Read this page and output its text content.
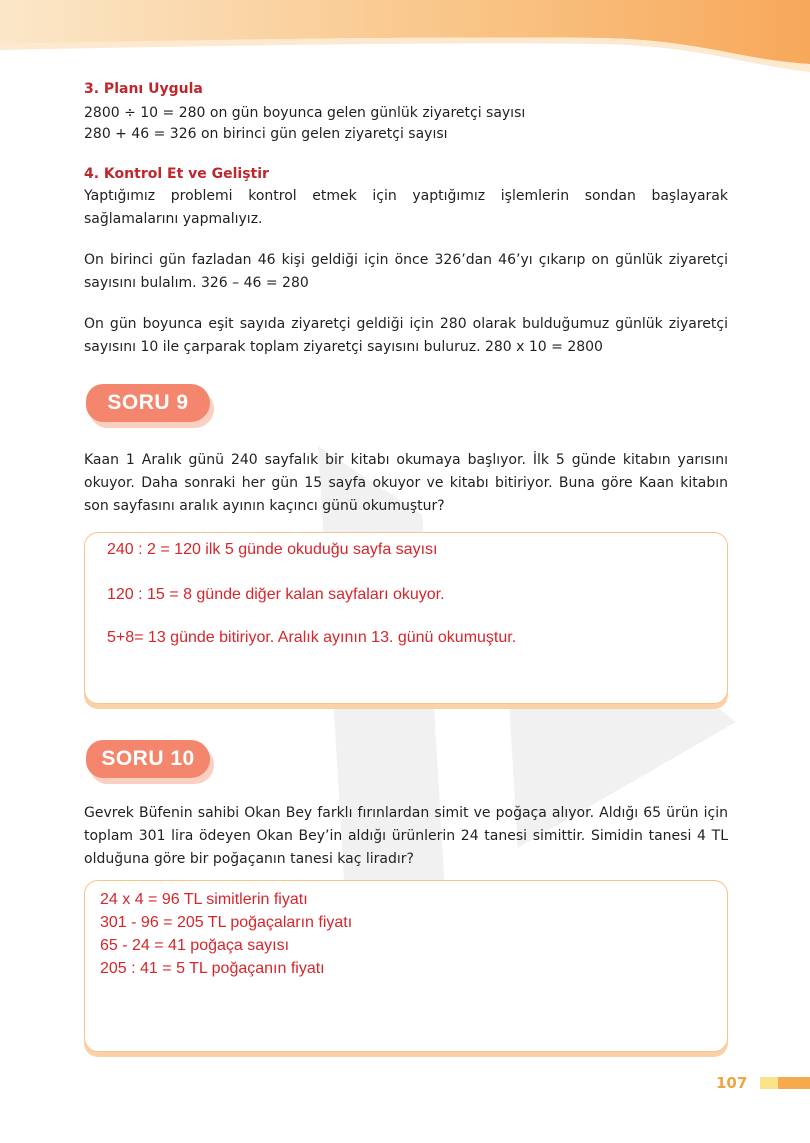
3. Planı Uygula
2800 ÷ 10 = 280 on gün boyunca gelen günlük ziyaretçi sayısı
280 + 46 = 326 on birinci gün gelen ziyaretçi sayısı
4. Kontrol Et ve Geliştir
Yaptığımız problemi kontrol etmek için yaptığımız işlemlerin sondan başlayarak sağlamalarını yapmalıyız.
On birinci gün fazladan 46 kişi geldiği için önce 326’dan 46’yı çıkarıp on günlük ziyaretçi sayısını bulalım. 326 – 46 = 280
On gün boyunca eşit sayıda ziyaretçi geldiği için 280 olarak bulduğumuz günlük ziyaretçi sayısını 10 ile çarparak toplam ziyaretçi sayısını buluruz. 280 x 10 = 2800
SORU 9
Kaan 1 Aralık günü 240 sayfalık bir kitabı okumaya başlıyor. İlk 5 günde kitabın yarısını okuyor. Daha sonraki her gün 15 sayfa okuyor ve kitabı bitiriyor. Buna göre Kaan kitabın son sayfasını aralık ayının kaçıncı günü okumuştur?
240 : 2 = 120 ilk 5 günde okuduğu sayfa sayısı
120 : 15 = 8 günde diğer kalan sayfaları okuyor.
5+8= 13 günde bitiriyor. Aralık ayının 13. günü okumuştur.
SORU 10
Gevrek Büfenin sahibi Okan Bey farklı fırınlardan simit ve poğaça alıyor. Aldığı 65 ürün için toplam 301 lira ödeyen Okan Bey’in aldığı ürünlerin 24 tanesi simittir. Simidin tanesi 4 TL olduğuna göre bir poğaçanın tanesi kaç liradır?
24 x 4 = 96 TL simitlerin fiyatı
301 - 96 = 205 TL poğaçaların fiyatı
65 - 24 = 41 poğaça sayısı
205 : 41 = 5 TL poğaçanın fiyatı
107
